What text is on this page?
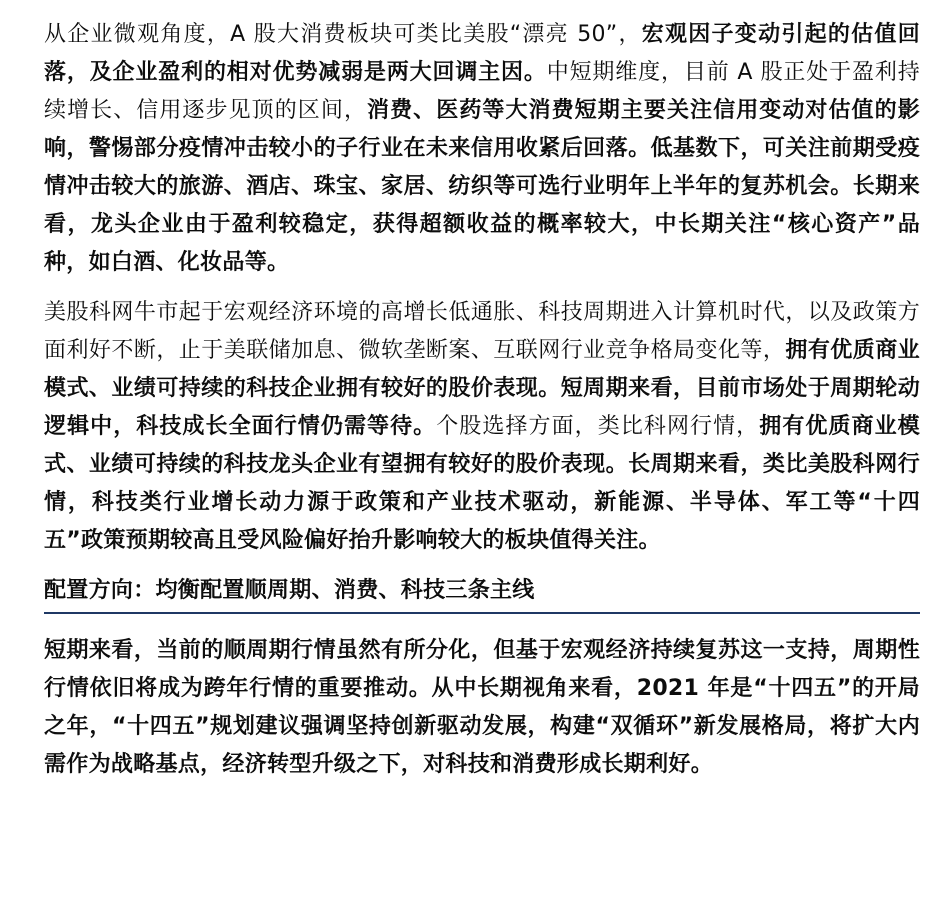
从企业微观角度，A 股大消费板块可类比美股“漂亮 50”，宏观因子变动引起的估值回落，及企业盈利的相对优势减弱是两大回调主因。中短期维度，目前 A 股正处于盈利持续增长、信用逐步见顶的区间，消费、医药等大消费短期主要关注信用变动对估值的影响，警惕部分疫情冲击较小的子行业在未来信用收紧后回落。低基数下，可关注前期受疫情冲击较大的旅游、酒店、珠宝、家居、纺织等可选行业明年上半年的复苏机会。长期来看，龙头企业由于盈利较稳定，获得超额收益的概率较大，中长期关注“核心资产”品种，如白酒、化妆品等。

美股科网牛市起于宏观经济环境的高增长低通胀、科技周期进入计算机时代，以及政策方面利好不断，止于美联储加息、微软垄断案、互联网行业竞争格局变化等，拥有优质商业模式、业绩可持续的科技企业拥有较好的股价表现。短周期来看，目前市场处于周期轮动逻辑中，科技成长全面行情仍需等待。个股选择方面，类比科网行情，拥有优质商业模式、业绩可持续的科技龙头企业有望拥有较好的股价表现。长周期来看，类比美股科网行情，科技类行业增长动力源于政策和产业技术驱动，新能源、半导体、军工等“十四五”政策预期较高且受风险偏好抬升影响较大的板块值得关注。

配置方向：均衡配置顺周期、消费、科技三条主线

短期来看，当前的顺周期行情虽然有所分化，但基于宏观经济持续复苏这一支持，周期性行情依旧将成为跨年行情的重要推动。从中长期视角来看，2021 年是“十四五”的开局之年，“十四五”规划建议强调坚持创新驱动发展，构建“双循环”新发展格局，将扩大内需作为战略基点，经济转型升级之下，对科技和消费形成长期利好。
